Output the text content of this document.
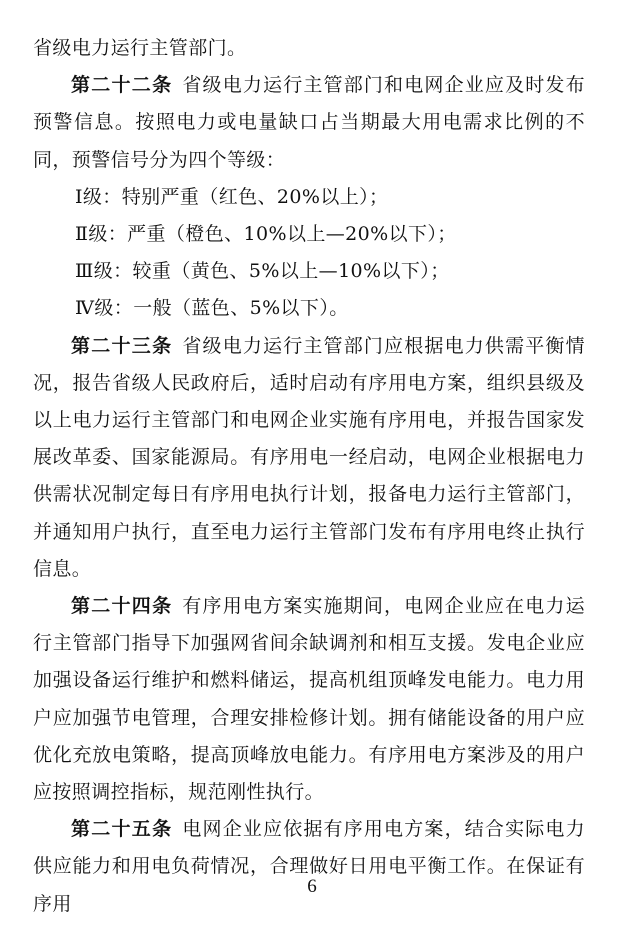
省级电力运行主管部门。

第二十二条 省级电力运行主管部门和电网企业应及时发布预警信息。按照电力或电量缺口占当期最大用电需求比例的不同，预警信号分为四个等级：

Ⅰ级：特别严重（红色、20%以上）；

Ⅱ级：严重（橙色、10%以上—20%以下）；

Ⅲ级：较重（黄色、5%以上—10%以下）；

Ⅳ级：一般（蓝色、5%以下）。

第二十三条 省级电力运行主管部门应根据电力供需平衡情况，报告省级人民政府后，适时启动有序用电方案，组织县级及以上电力运行主管部门和电网企业实施有序用电，并报告国家发展改革委、国家能源局。有序用电一经启动，电网企业根据电力供需状况制定每日有序用电执行计划，报备电力运行主管部门，并通知用户执行，直至电力运行主管部门发布有序用电终止执行信息。

第二十四条 有序用电方案实施期间，电网企业应在电力运行主管部门指导下加强网省间余缺调剂和相互支援。发电企业应加强设备运行维护和燃料储运，提高机组顶峰发电能力。电力用户应加强节电管理，合理安排检修计划。拥有储能设备的用户应优化充放电策略，提高顶峰放电能力。有序用电方案涉及的用户应按照调控指标，规范刚性执行。

第二十五条 电网企业应依据有序用电方案，结合实际电力供应能力和用电负荷情况，合理做好日用电平衡工作。在保证有序用

6
